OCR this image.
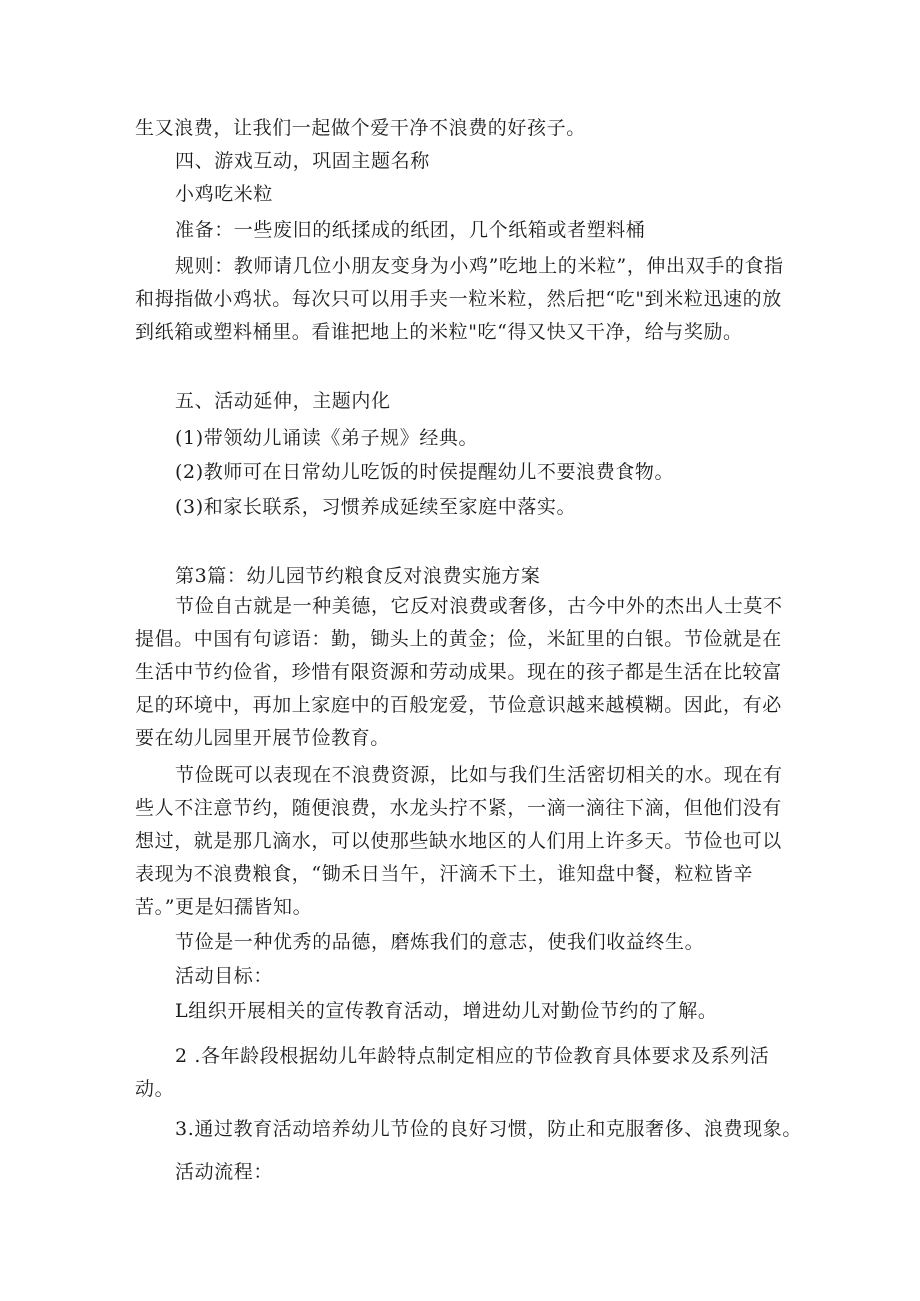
生又浪费，让我们一起做个爱干净不浪费的好孩子。

四、游戏互动，巩固主题名称

小鸡吃米粒

准备：一些废旧的纸揉成的纸团，几个纸箱或者塑料桶

规则：教师请几位小朋友变身为小鸡”吃地上的米粒”，伸出双手的食指和拇指做小鸡状。每次只可以用手夹一粒米粒，然后把“吃"到米粒迅速的放到纸箱或塑料桶里。看谁把地上的米粒"吃“得又快又干净，给与奖励。

五、活动延伸，主题内化

(1)带领幼儿诵读《弟子规》经典。

(2)教师可在日常幼儿吃饭的时侯提醒幼儿不要浪费食物。

(3)和家长联系，习惯养成延续至家庭中落实。

第3篇：幼儿园节约粮食反对浪费实施方案

节俭自古就是一种美德，它反对浪费或奢侈，古今中外的杰出人士莫不提倡。中国有句谚语：勤，锄头上的黄金；俭，米缸里的白银。节俭就是在生活中节约俭省，珍惜有限资源和劳动成果。现在的孩子都是生活在比较富足的环境中，再加上家庭中的百般宠爱，节俭意识越来越模糊。因此，有必要在幼儿园里开展节俭教育。

节俭既可以表现在不浪费资源，比如与我们生活密切相关的水。现在有些人不注意节约，随便浪费，水龙头拧不紧，一滴一滴往下滴，但他们没有想过，就是那几滴水，可以使那些缺水地区的人们用上许多天。节俭也可以表现为不浪费粮食，“锄禾日当午，汗滴禾下土，谁知盘中餐，粒粒皆辛苦。”更是妇孺皆知。

节俭是一种优秀的品德，磨炼我们的意志，使我们收益终生。

活动目标：

L组织开展相关的宣传教育活动，增进幼儿对勤俭节约的了解。

2 .各年龄段根据幼儿年龄特点制定相应的节俭教育具体要求及系列活动。

3.通过教育活动培养幼儿节俭的良好习惯，防止和克服奢侈、浪费现象。

活动流程：
